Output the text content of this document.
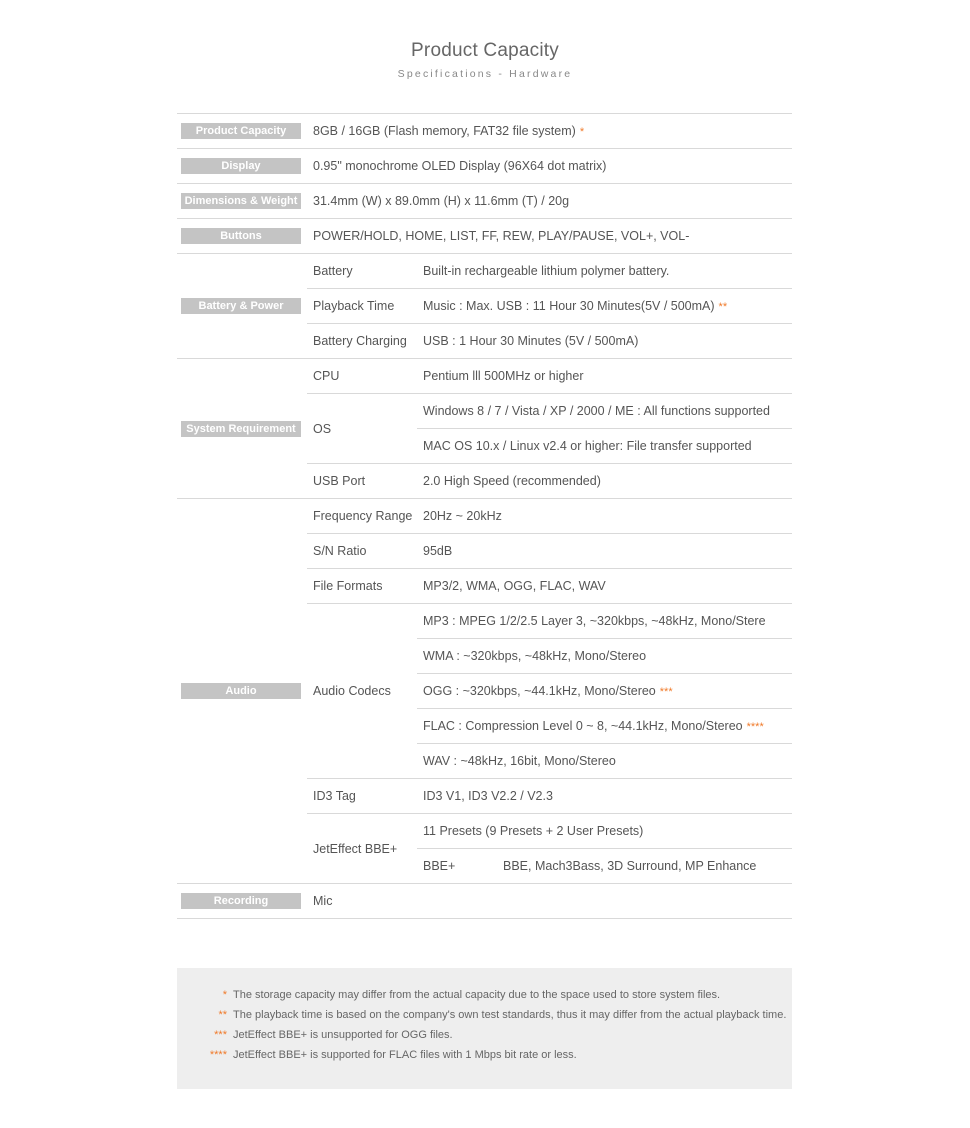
Product Capacity
Specifications - Hardware
Product Capacity	8GB / 16GB (Flash memory, FAT32 file system) *	

Display	0.95" monochrome OLED Display (96X64 dot matrix)	

Dimensions & Weight	31.4mm (W) x 89.0mm (H) x 11.6mm (T) / 20g	

Buttons	POWER/HOLD, HOME, LIST, FF, REW, PLAY/PAUSE, VOL+, VOL-	

Battery & Power	Battery	Built-in rechargeable lithium polymer battery.
	Playback Time	Music : Max. USB : 11 Hour 30 Minutes(5V / 500mA) **
	Battery Charging	USB : 1 Hour 30 Minutes (5V / 500mA)

System Requirement	CPU	Pentium lll 500MHz or higher
	OS	Windows 8 / 7 / Vista / XP / 2000 / ME : All functions supported
		MAC OS 10.x / Linux v2.4 or higher: File transfer supported
	USB Port	2.0 High Speed (recommended)

Audio	Frequency Range	20Hz ~ 20kHz
	S/N Ratio	95dB
	File Formats	MP3/2, WMA, OGG, FLAC, WAV
	Audio Codecs	MP3 : MPEG 1/2/2.5 Layer 3, ~320kbps, ~48kHz, Mono/Stere
		WMA : ~320kbps, ~48kHz, Mono/Stereo
		OGG : ~320kbps, ~44.1kHz, Mono/Stereo ***
		FLAC : Compression Level 0 ~ 8, ~44.1kHz, Mono/Stereo ****
		WAV : ~48kHz, 16bit, Mono/Stereo
	ID3 Tag	ID3 V1, ID3 V2.2 / V2.3
	JetEffect BBE+	11 Presets (9 Presets + 2 User Presets)
		BBE+ BBE, Mach3Bass, 3D Surround, MP Enhance

Recording	Mic	
* The storage capacity may differ from the actual capacity due to the space used to store system files.
** The playback time is based on the company's own test standards, thus it may differ from the actual playback time.
*** JetEffect BBE+ is unsupported for OGG files.
**** JetEffect BBE+ is supported for FLAC files with 1 Mbps bit rate or less.
